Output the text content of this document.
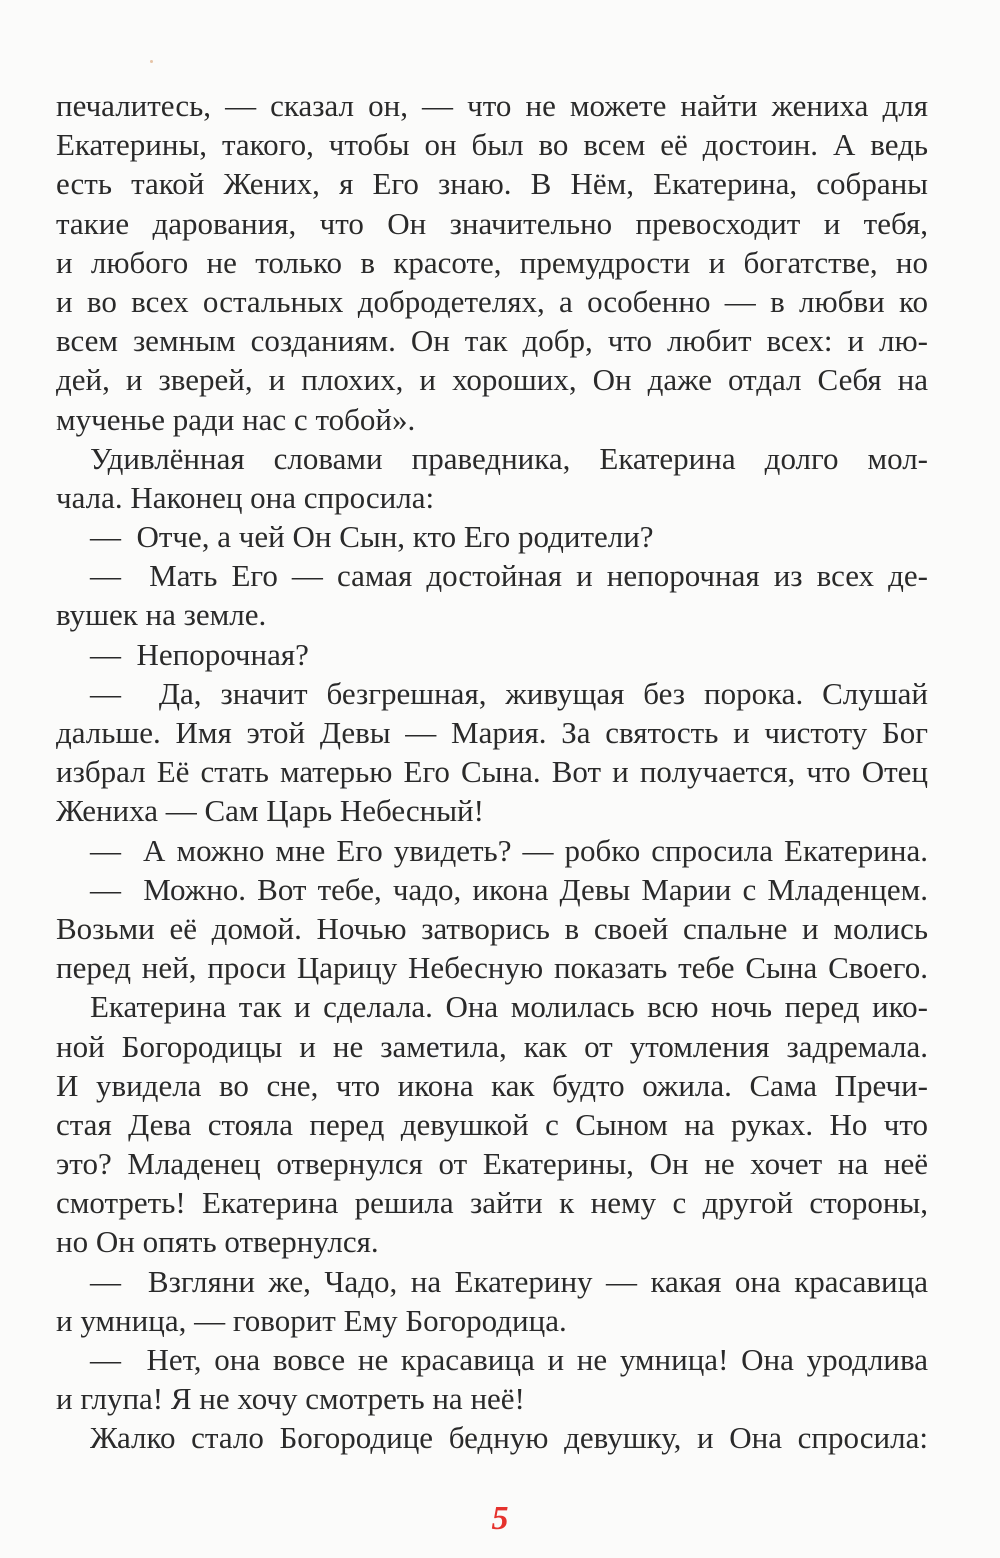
печалитесь, — сказал он, — что не можете найти жениха для
Екатерины, такого, чтобы он был во всем её достоин. А ведь
есть такой Жених, я Его знаю. В Нём, Екатерина, собраны
такие дарования, что Он значительно превосходит и тебя,
и любого не только в красоте, премудрости и богатстве, но
и во всех остальных добродетелях, а особенно — в любви ко
всем земным созданиям. Он так добр, что любит всех: и лю-
дей, и зверей, и плохих, и хороших, Он даже отдал Себя на
мученье ради нас с тобой».
Удивлённая словами праведника, Екатерина долго мол-
чала. Наконец она спросила:
—  Отче, а чей Он Сын, кто Его родители?
—  Мать Его — самая достойная и непорочная из всех де-
вушек на земле.
—  Непорочная?
—  Да, значит безгрешная, живущая без порока. Слушай
дальше. Имя этой Девы — Мария. За святость и чистоту Бог
избрал Её стать матерью Его Сына. Вот и получается, что Отец
Жениха — Сам Царь Небесный!
—  А можно мне Его увидеть? — робко спросила Екатерина.
—  Можно. Вот тебе, чадо, икона Девы Марии с Младенцем.
Возьми её домой. Ночью затворись в своей спальне и молись
перед ней, проси Царицу Небесную показать тебе Сына Своего.
Екатерина так и сделала. Она молилась всю ночь перед ико-
ной Богородицы и не заметила, как от утомления задремала.
И увидела во сне, что икона как будто ожила. Сама Пречи-
стая Дева стояла перед девушкой с Сыном на руках. Но что
это? Младенец отвернулся от Екатерины, Он не хочет на неё
смотреть! Екатерина решила зайти к нему с другой стороны,
но Он опять отвернулся.
—  Взгляни же, Чадо, на Екатерину — какая она красавица
и умница, — говорит Ему Богородица.
—  Нет, она вовсе не красавица и не умница! Она уродлива
и глупа! Я не хочу смотреть на неё!
Жалко стало Богородице бедную девушку, и Она спросила:
5
